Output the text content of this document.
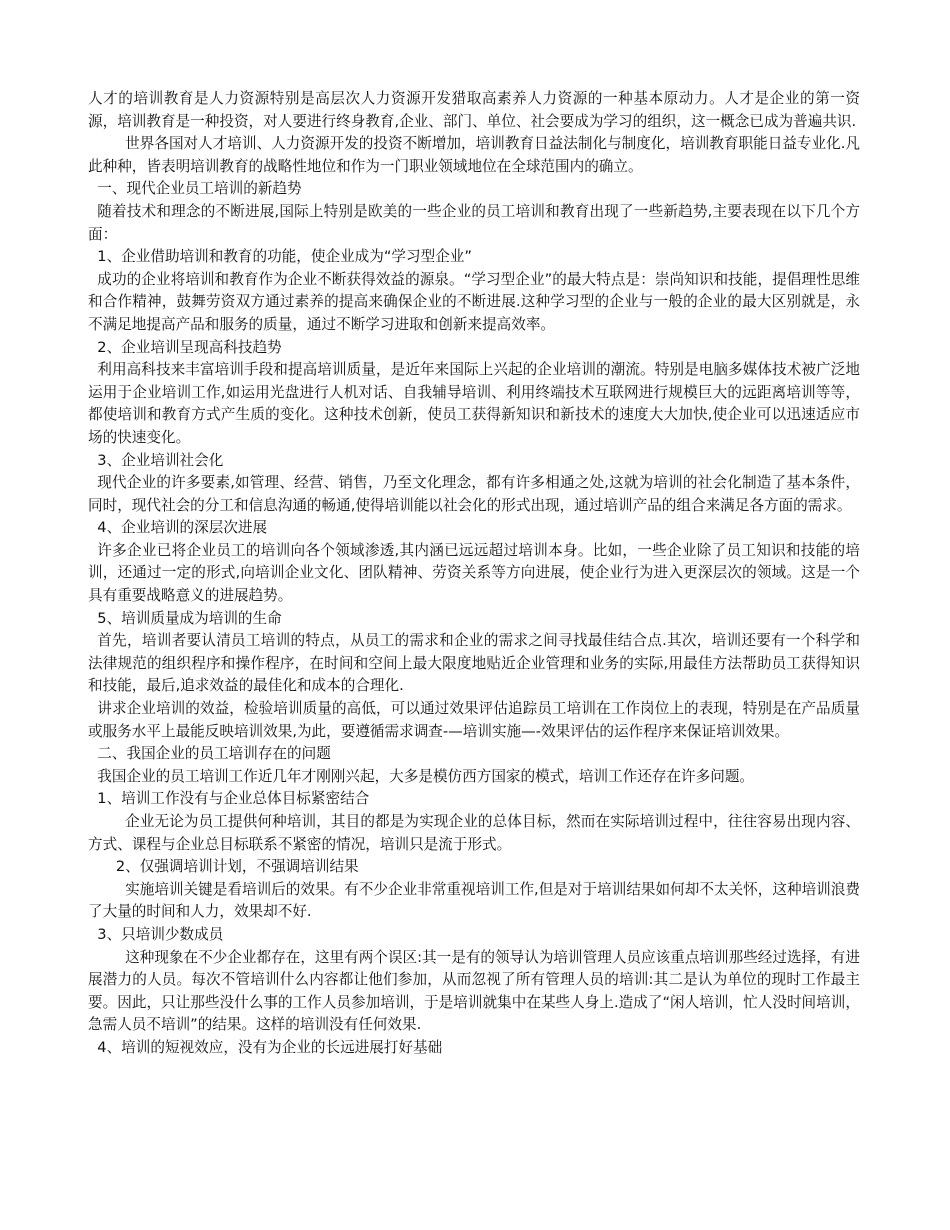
人才的培训教育是人力资源特别是高层次人力资源开发猎取高素养人力资源的一种基本原动力。人才是企业的第一资源，培训教育是一种投资，对人要进行终身教育,企业、部门、单位、社会要成为学习的组织，这一概念已成为普遍共识.

世界各国对人才培训、人力资源开发的投资不断增加，培训教育日益法制化与制度化，培训教育职能日益专业化.凡此种种，皆表明培训教育的战略性地位和作为一门职业领域地位在全球范围内的确立。

一、现代企业员工培训的新趋势

随着技术和理念的不断进展,国际上特别是欧美的一些企业的员工培训和教育出现了一些新趋势,主要表现在以下几个方面：

1、企业借助培训和教育的功能，使企业成为“学习型企业”

成功的企业将培训和教育作为企业不断获得效益的源泉。“学习型企业”的最大特点是：崇尚知识和技能，提倡理性思维和合作精神，鼓舞劳资双方通过素养的提高来确保企业的不断进展.这种学习型的企业与一般的企业的最大区别就是，永不满足地提高产品和服务的质量，通过不断学习进取和创新来提高效率。

2、企业培训呈现高科技趋势

利用高科技来丰富培训手段和提高培训质量，是近年来国际上兴起的企业培训的潮流。特别是电脑多媒体技术被广泛地运用于企业培训工作,如运用光盘进行人机对话、自我辅导培训、利用终端技术互联网进行规模巨大的远距离培训等等，都使培训和教育方式产生质的变化。这种技术创新，使员工获得新知识和新技术的速度大大加快,使企业可以迅速适应市场的快速变化。

3、企业培训社会化

现代企业的许多要素,如管理、经营、销售，乃至文化理念，都有许多相通之处,这就为培训的社会化制造了基本条件，同时，现代社会的分工和信息沟通的畅通,使得培训能以社会化的形式出现，通过培训产品的组合来满足各方面的需求。

4、企业培训的深层次进展

许多企业已将企业员工的培训向各个领域渗透,其内涵已远远超过培训本身。比如，一些企业除了员工知识和技能的培训，还通过一定的形式,向培训企业文化、团队精神、劳资关系等方向进展，使企业行为进入更深层次的领域。这是一个具有重要战略意义的进展趋势。

5、培训质量成为培训的生命

首先，培训者要认清员工培训的特点，从员工的需求和企业的需求之间寻找最佳结合点.其次，培训还要有一个科学和法律规范的组织程序和操作程序，在时间和空间上最大限度地贴近企业管理和业务的实际,用最佳方法帮助员工获得知识和技能，最后,追求效益的最佳化和成本的合理化.

讲求企业培训的效益，检验培训质量的高低，可以通过效果评估追踪员工培训在工作岗位上的表现，特别是在产品质量或服务水平上最能反映培训效果,为此，要遵循需求调查-—培训实施—-效果评估的运作程序来保证培训效果。

二、我国企业的员工培训存在的问题

我国企业的员工培训工作近几年才刚刚兴起，大多是模仿西方国家的模式，培训工作还存在许多问题。

1、培训工作没有与企业总体目标紧密结合

企业无论为员工提供何种培训，其目的都是为实现企业的总体目标，然而在实际培训过程中，往往容易出现内容、方式、课程与企业总目标联系不紧密的情况，培训只是流于形式。

2、仅强调培训计划，不强调培训结果

实施培训关键是看培训后的效果。有不少企业非常重视培训工作,但是对于培训结果如何却不太关怀，这种培训浪费了大量的时间和人力，效果却不好.

3、只培训少数成员

这种现象在不少企业都存在，这里有两个误区:其一是有的领导认为培训管理人员应该重点培训那些经过选择，有进展潜力的人员。每次不管培训什么内容都让他们参加，从而忽视了所有管理人员的培训:其二是认为单位的现时工作最主要。因此，只让那些没什么事的工作人员参加培训，于是培训就集中在某些人身上.造成了“闲人培训，忙人没时间培训，急需人员不培训”的结果。这样的培训没有任何效果.

4、培训的短视效应，没有为企业的长远进展打好基础
